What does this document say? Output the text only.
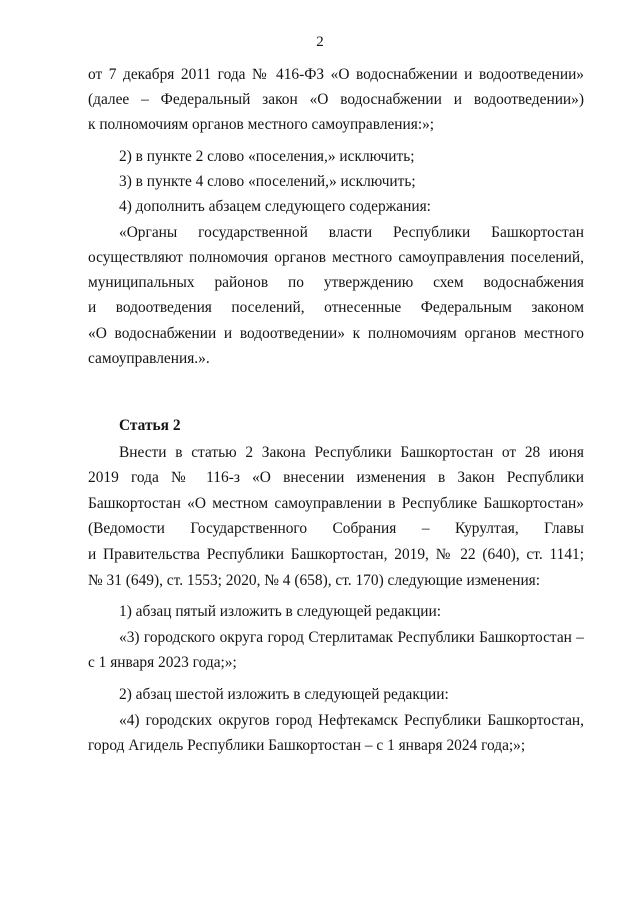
2
от 7 декабря 2011 года № 416-ФЗ «О водоснабжении и водоотведении»
(далее – Федеральный закон «О водоснабжении и водоотведении»)
к полномочиям органов местного самоуправления:»;
2) в пункте 2 слово «поселения,» исключить;
3) в пункте 4 слово «поселений,» исключить;
4) дополнить абзацем следующего содержания:
«Органы государственной власти Республики Башкортостан
осуществляют полномочия органов местного самоуправления поселений,
муниципальных районов по утверждению схем водоснабжения
и водоотведения поселений, отнесенные Федеральным законом
«О водоснабжении и водоотведении» к полномочиям органов местного
самоуправления.».
Статья 2
Внести в статью 2 Закона Республики Башкортостан от 28 июня
2019 года № 116-з «О внесении изменения в Закон Республики
Башкортостан «О местном самоуправлении в Республике Башкортостан»
(Ведомости Государственного Собрания – Курултая, Главы
и Правительства Республики Башкортостан, 2019, № 22 (640), ст. 1141;
№ 31 (649), ст. 1553; 2020, № 4 (658), ст. 170) следующие изменения:
1) абзац пятый изложить в следующей редакции:
«3) городского округа город Стерлитамак Республики Башкортостан –
с 1 января 2023 года;»;
2) абзац шестой изложить в следующей редакции:
«4) городских округов город Нефтекамск Республики Башкортостан,
город Агидель Республики Башкортостан – с 1 января 2024 года;»;
